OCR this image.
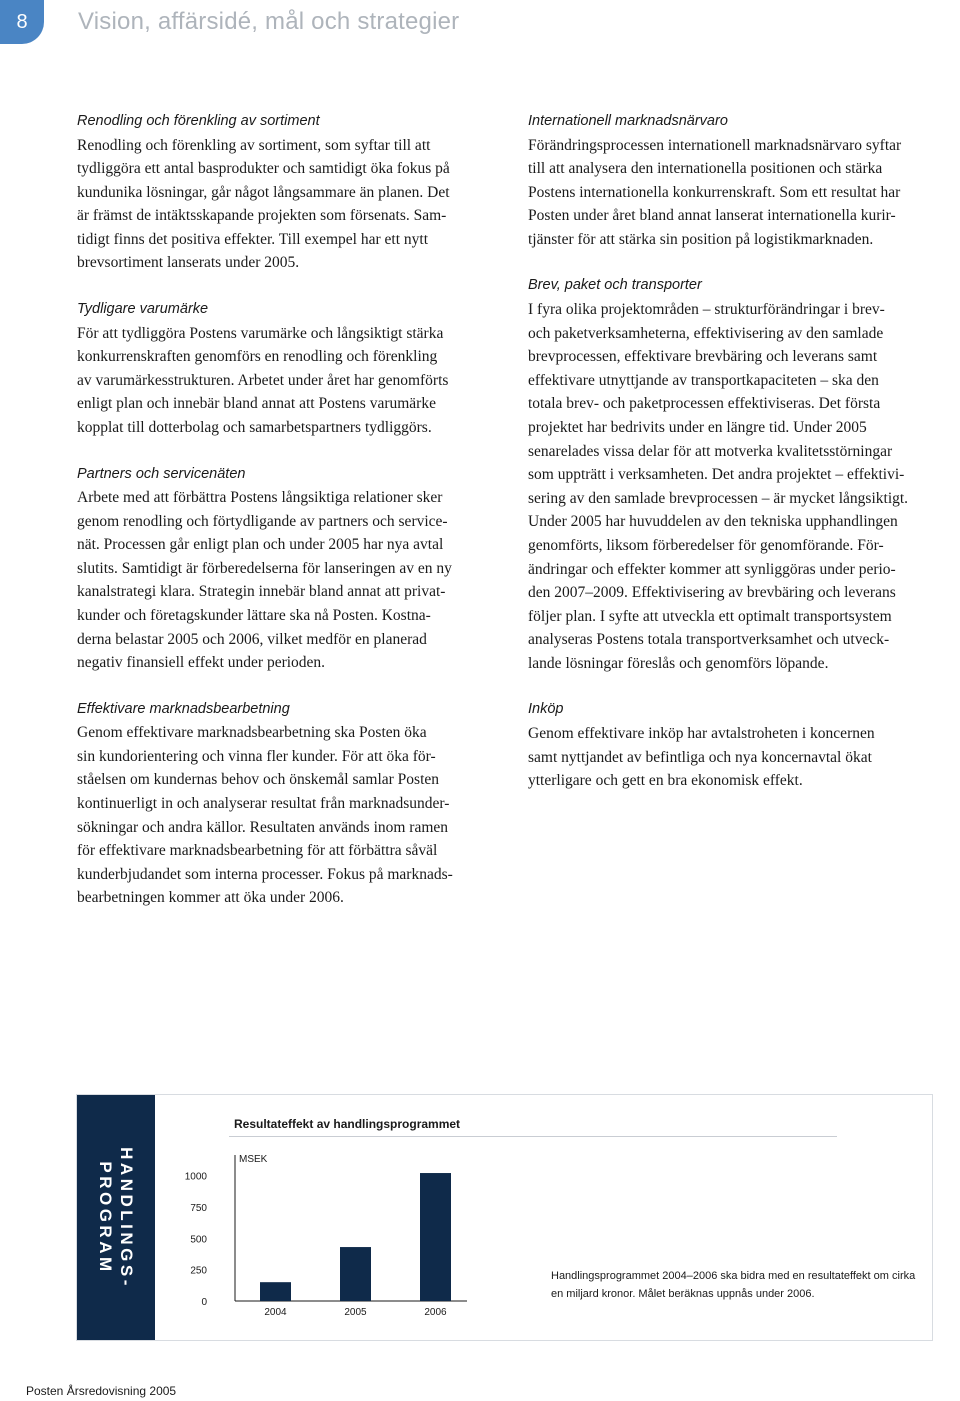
8	Vision, affärsidé, mål och strategier
Renodling och förenkling av sortiment

Renodling och förenkling av sortiment, som syftar till att
tydliggöra ett antal basprodukter och samtidigt öka fokus på
kundunika lösningar, går något långsammare än planen. Det
är främst de intäktsskapande projekten som försenats. Sam-
tidigt finns det positiva effekter. Till exempel har ett nytt
brevsortiment lanserats under 2005.

Tydligare varumärke

För att tydliggöra Postens varumärke och långsiktigt stärka
konkurrenskraften genomförs en renodling och förenkling
av varumärkesstrukturen. Arbetet under året har genomförts
enligt plan och innebär bland annat att Postens varumärke
kopplat till dotterbolag och samarbetspartners tydliggörs.

Partners och servicenäten

Arbete med att förbättra Postens långsiktiga relationer sker
genom renodling och förtydligande av partners och service-
nät. Processen går enligt plan och under 2005 har nya avtal
slutits. Samtidigt är förberedelserna för lanseringen av en ny
kanalstrategi klara. Strategin innebär bland annat att privat-
kunder och företagskunder lättare ska nå Posten. Kostna-
derna belastar 2005 och 2006, vilket medför en planerad
negativ finansiell effekt under perioden.

Effektivare marknadsbearbetning

Genom effektivare marknadsbearbetning ska Posten öka
sin kundorientering och vinna fler kunder. För att öka för-
ståelsen om kundernas behov och önskemål samlar Posten
kontinuerligt in och analyserar resultat från marknadsunder-
sökningar och andra källor. Resultaten används inom ramen
för effektivare marknadsbearbetning för att förbättra såväl
kunderbjudandet som interna processer. Fokus på marknads-
bearbetningen kommer att öka under 2006.

Internationell marknadsnärvaro

Förändringsprocessen internationell marknadsnärvaro syftar
till att analysera den internationella positionen och stärka
Postens internationella konkurrenskraft. Som ett resultat har
Posten under året bland annat lanserat internationella kurir-
tjänster för att stärka sin position på logistikmarknaden.

Brev, paket och transporter

I fyra olika projektområden – strukturförändringar i brev-
och paketverksamheterna, effektivisering av den samlade
brevprocessen, effektivare brevbäring och leverans samt
effektivare utnyttjande av transportkapaciteten – ska den
totala brev- och paketprocessen effektiviseras. Det första
projektet har bedrivits under en längre tid. Under 2005
senarelades vissa delar för att motverka kvalitetsstörningar
som uppträtt i verksamheten. Det andra projektet – effektivi-
sering av den samlade brevprocessen – är mycket långsiktigt.
Under 2005 har huvuddelen av den tekniska upphandlingen
genomförts, liksom förberedelser för genomförande. För-
ändringar och effekter kommer att synliggöras under perio-
den 2007–2009. Effektivisering av brevbäring och leverans
följer plan. I syfte att utveckla ett optimalt transportsystem
analyseras Postens totala transportverksamhet och utveck-
lande lösningar föreslås och genomförs löpande.

Inköp

Genom effektivare inköp har avtalstroheten i koncernen
samt nyttjandet av befintliga och nya koncernavtal ökat
ytterligare och gett en bra ekonomisk effekt.

HANDLINGS-
PROGRAM
Resultateffekt av handlingsprogrammet
MSEK
0
250
500
750
1000
2004	2005	2006
Handlingsprogrammet 2004–2006 ska bidra med en resultateffekt om cirka en miljard kronor. Målet beräknas uppnås under 2006.
Posten Årsredovisning 2005
